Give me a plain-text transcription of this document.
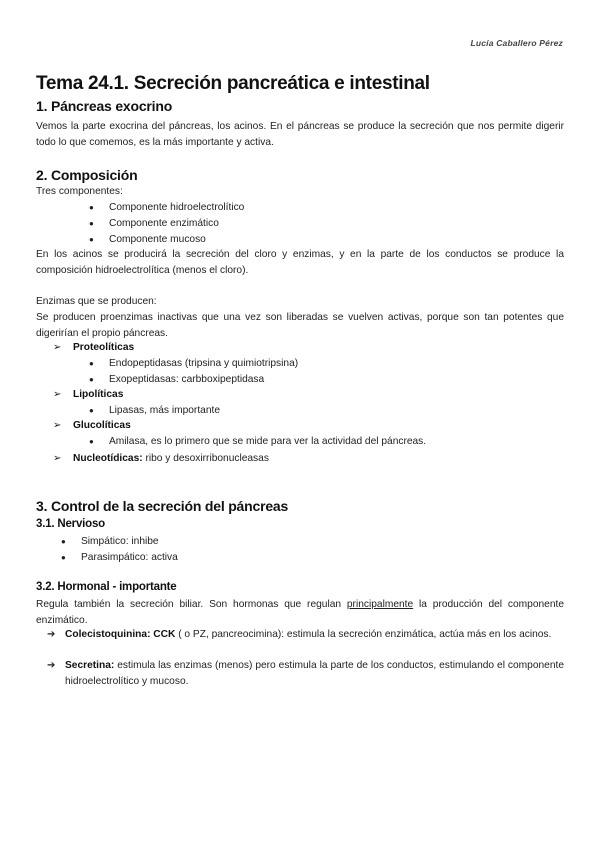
Lucía Caballero Pérez
Tema 24.1. Secreción pancreática e intestinal
1. Páncreas exocrino
Vemos la parte exocrina del páncreas, los acinos. En el páncreas se produce la secreción que nos permite digerir todo lo que comemos, es la más importante y activa.
2. Composición
Tres componentes:
● Componente hidroelectrolítico
● Componente enzimático
● Componente mucoso
En los acinos se producirá la secreción del cloro y enzimas, y en la parte de los conductos se produce la composición hidroelectrolítica (menos el cloro).
Enzimas que se producen:
Se producen proenzimas inactivas que una vez son liberadas se vuelven activas, porque son tan potentes que digerirían el propio páncreas.
➢ Proteolíticas
● Endopeptidasas (tripsina y quimiotripsina)
● Exopeptidasas: carbboxipeptidasa
➢ Lipolíticas
● Lipasas, más importante
➢ Glucolíticas
● Amilasa, es lo primero que se mide para ver la actividad del páncreas.
➢ Nucleotídicas: ribo y desoxirribonucleasas
3. Control de la secreción del páncreas
3.1. Nervioso
● Simpático: inhibe
● Parasimpático: activa
3.2. Hormonal - importante
Regula también la secreción biliar. Son hormonas que regulan principalmente la producción del componente enzimático.
➔ Colecistoquinina: CCK ( o PZ, pancreocimina): estimula la secreción enzimática, actúa más en los acinos.
➔ Secretina: estimula las enzimas (menos) pero estimula la parte de los conductos, estimulando el componente hidroelectrolítico y mucoso.
